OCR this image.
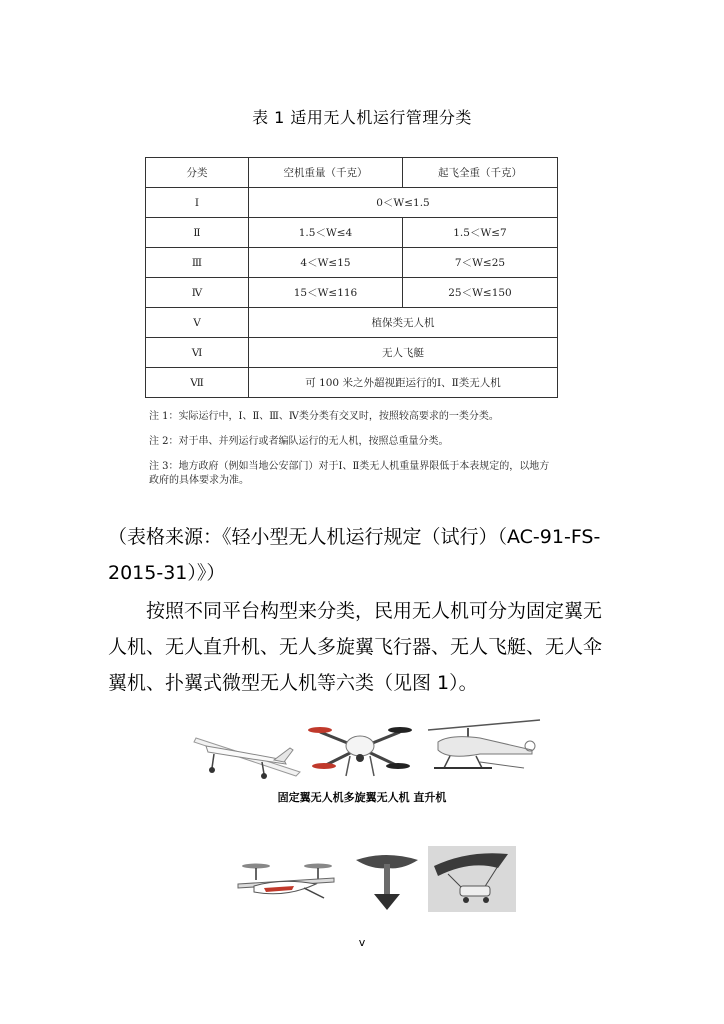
表 1 适用无人机运行管理分类
分类	空机重量（千克）	起飞全重（千克）
Ⅰ	0＜W≤1.5	
Ⅱ	1.5＜W≤4	1.5＜W≤7
Ⅲ	4＜W≤15	7＜W≤25
Ⅳ	15＜W≤116	25＜W≤150
Ⅴ	植保类无人机	
Ⅵ	无人飞艇	
Ⅶ	可 100 米之外超视距运行的Ⅰ、Ⅱ类无人机	

注 1：实际运行中，Ⅰ、Ⅱ、Ⅲ、Ⅳ类分类有交叉时，按照较高要求的一类分类。

注 2：对于串、并列运行或者编队运行的无人机，按照总重量分类。

注 3：地方政府（例如当地公安部门）对于Ⅰ、Ⅱ类无人机重量界限低于本表规定的，以地方政府的具体要求为准。

（表格来源：《轻小型无人机运行规定（试行）（AC-91-FS-2015-31）》）
按照不同平台构型来分类，民用无人机可分为固定翼无人机、无人直升机、无人多旋翼飞行器、无人飞艇、无人伞翼机、扑翼式微型无人机等六类（见图 1）。
固定翼无人机多旋翼无人机 直升机
v
